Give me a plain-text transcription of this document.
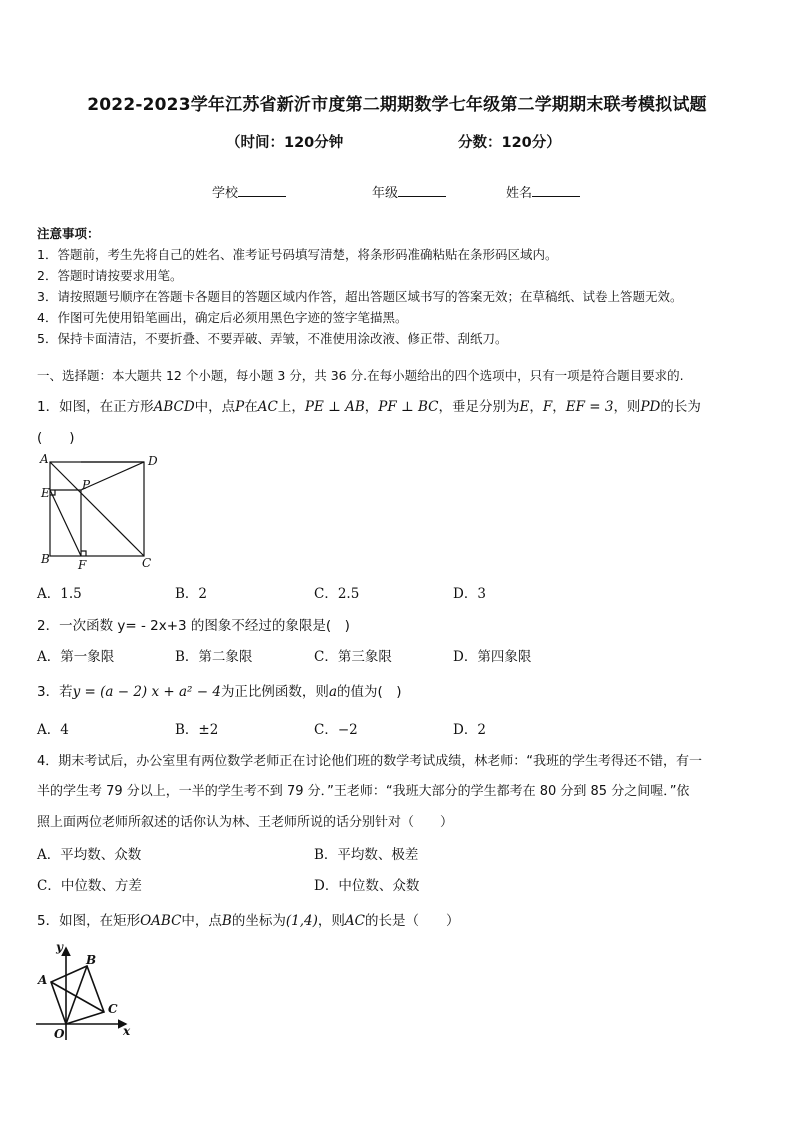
2022-2023学年江苏省新沂市度第二期期数学七年级第二学期期末联考模拟试题
（时间：120分钟	分数：120分）
学校	年级	姓名
注意事项：
1．答题前，考生先将自己的姓名、准考证号码填写清楚，将条形码准确粘贴在条形码区域内。
2．答题时请按要求用笔。
3．请按照题号顺序在答题卡各题目的答题区域内作答，超出答题区域书写的答案无效；在草稿纸、试卷上答题无效。
4．作图可先使用铅笔画出，确定后必须用黑色字迹的签字笔描黑。
5．保持卡面清洁，不要折叠、不要弄破、弄皱，不准使用涂改液、修正带、刮纸刀。
一、选择题：本大题共 12 个小题，每小题 3 分，共 36 分.在每小题给出的四个选项中，只有一项是符合题目要求的.
1．如图，在正方形ABCD中，点P在AC上，PE ⊥ AB，PF ⊥ BC，垂足分别为E，F，EF = 3，则PD的长为
(　　)
A	D
E
P
B F	C
A．1.5	B．2	C．2.5	D．3
2．一次函数 y= - 2x+3 的图象不经过的象限是(　)
A．第一象限	B．第二象限	C．第三象限	D．第四象限
3．若y = (a − 2) x + a² − 4为正比例函数，则a的值为(　)
A．4	B．±2	C．−2	D．2
4．期末考试后，办公室里有两位数学老师正在讨论他们班的数学考试成绩，林老师：“我班的学生考得还不错，有一
半的学生考 79 分以上，一半的学生考不到 79 分．”王老师：“我班大部分的学生都考在 80 分到 85 分之间喔．”依
照上面两位老师所叙述的话你认为林、王老师所说的话分别针对（　　）
A．平均数、众数	B．平均数、极差
C．中位数、方差	D．中位数、众数
5．如图，在矩形OABC中，点B的坐标为(1,4)，则AC的长是（　　）
y
x
O
A
B
C
